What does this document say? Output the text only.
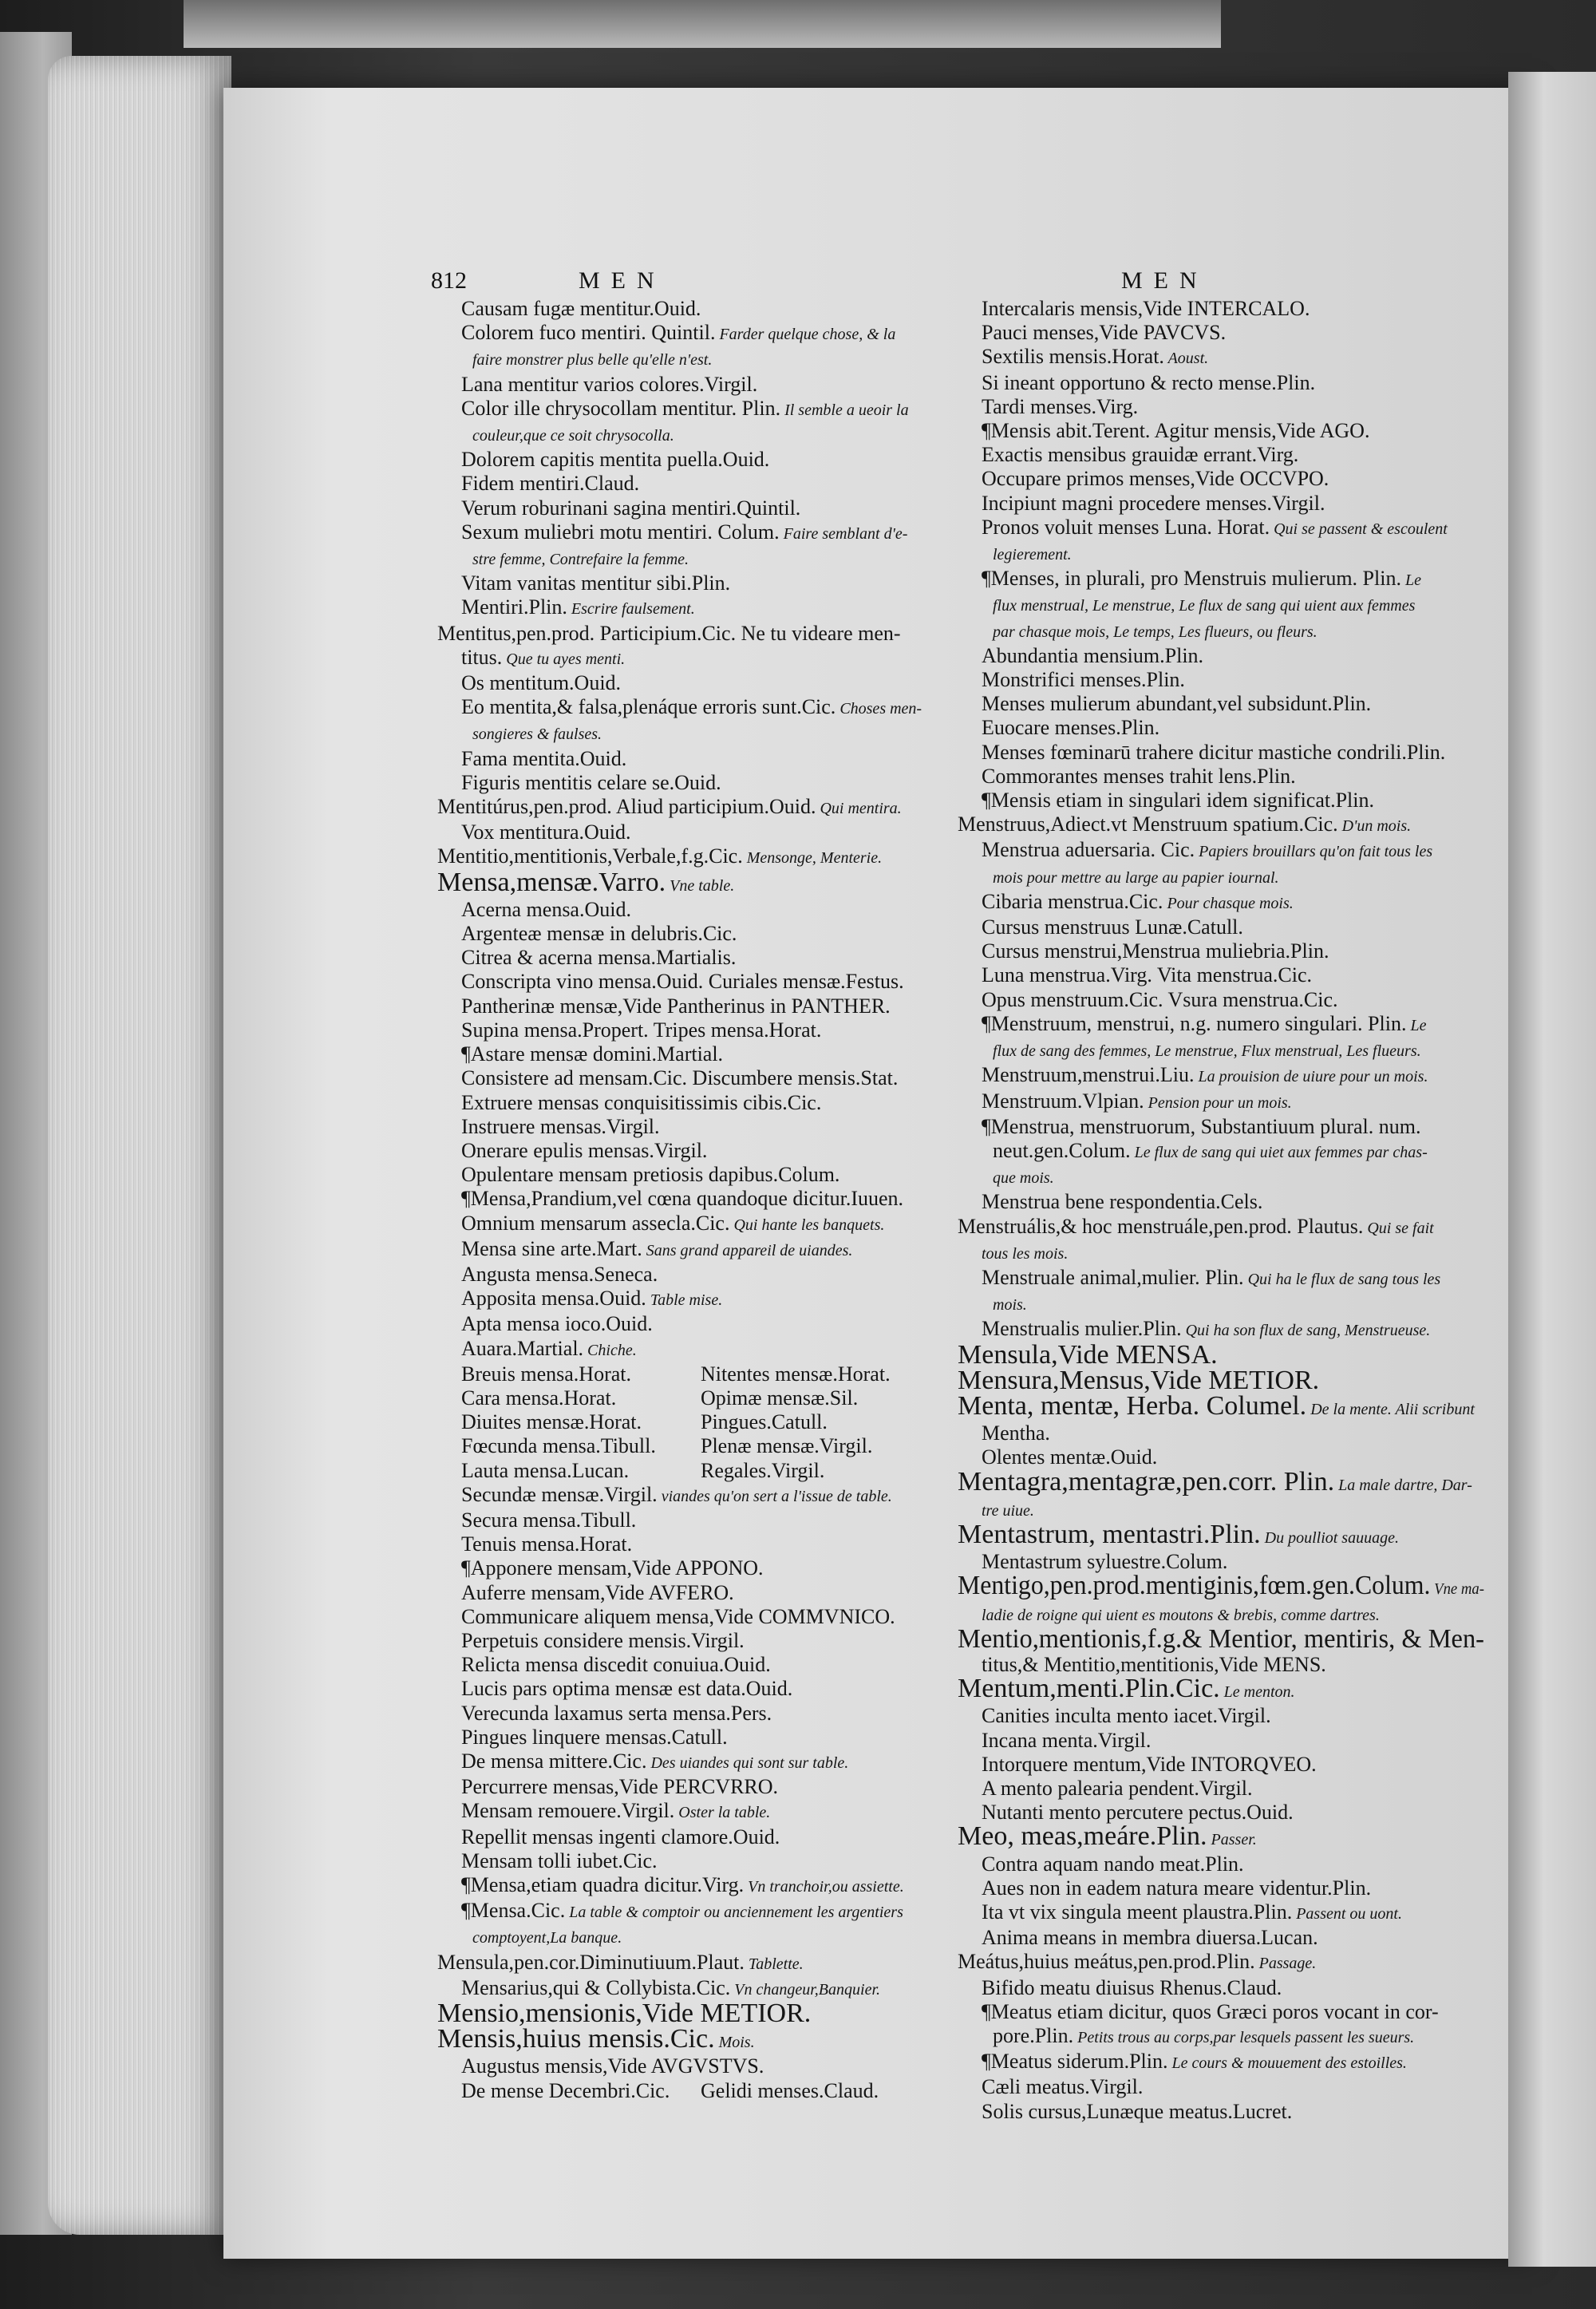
812	MEN	MEN
Causam fugæ mentitur.Ouid.
Colorem fuco mentiri. Quintil. Farder quelque chose, & la
faire monstrer plus belle qu'elle n'est.
Lana mentitur varios colores.Virgil.
Color ille chrysocollam mentitur. Plin. Il semble a ueoir la
couleur,que ce soit chrysocolla.
Dolorem capitis mentita puella.Ouid.
Fidem mentiri.Claud.
Verum roburinani sagina mentiri.Quintil.
Sexum muliebri motu mentiri. Colum. Faire semblant d'e-
stre femme, Contrefaire la femme.
Vitam vanitas mentitur sibi.Plin.
Mentiri.Plin. Escrire faulsement.
Mentitus,pen.prod. Participium.Cic. Ne tu videare men-
titus. Que tu ayes menti.
Os mentitum.Ouid.
Eo mentita,& falsa,plenáque erroris sunt.Cic. Choses men-
songieres & faulses.
Fama mentita.Ouid.
Figuris mentitis celare se.Ouid.
Mentitúrus,pen.prod. Aliud participium.Ouid. Qui mentira.
Vox mentitura.Ouid.
Mentitio,mentitionis,Verbale,f.g.Cic. Mensonge, Menterie.
Mensa,mensæ.Varro. Vne table.
Acerna mensa.Ouid.
Argenteæ mensæ in delubris.Cic.
Citrea & acerna mensa.Martialis.
Conscripta vino mensa.Ouid. Curiales mensæ.Festus.
Pantherinæ mensæ,Vide Pantherinus in PANTHER.
Supina mensa.Propert. Tripes mensa.Horat.
¶Astare mensæ domini.Martial.
Consistere ad mensam.Cic. Discumbere mensis.Stat.
Extruere mensas conquisitissimis cibis.Cic.
Instruere mensas.Virgil.
Onerare epulis mensas.Virgil.
Opulentare mensam pretiosis dapibus.Colum.
¶Mensa,Prandium,vel cœna quandoque dicitur.Iuuen.
Omnium mensarum assecla.Cic. Qui hante les banquets.
Mensa sine arte.Mart. Sans grand appareil de uiandes.
Angusta mensa.Seneca.
Apposita mensa.Ouid. Table mise.
Apta mensa ioco.Ouid.
Auara.Martial. Chiche.
Breuis mensa.Horat.	Nitentes mensæ.Horat.
Cara mensa.Horat.	Opimæ mensæ.Sil.
Diuites mensæ.Horat.	Pingues.Catull.
Fœcunda mensa.Tibull. Plenæ mensæ.Virgil.
Lauta mensa.Lucan.	Regales.Virgil.
Secundæ mensæ.Virgil. viandes qu'on sert a l'issue de table.
Secura mensa.Tibull.
Tenuis mensa.Horat.
¶Apponere mensam,Vide APPONO.
Auferre mensam,Vide AVFERO.
Communicare aliquem mensa,Vide COMMVNICO.
Perpetuis considere mensis.Virgil.
Relicta mensa discedit conuiua.Ouid.
Lucis pars optima mensæ est data.Ouid.
Verecunda laxamus serta mensa.Pers.
Pingues linquere mensas.Catull.
De mensa mittere.Cic. Des uiandes qui sont sur table.
Percurrere mensas,Vide PERCVRRO.
Mensam remouere.Virgil. Oster la table.
Repellit mensas ingenti clamore.Ouid.
Mensam tolli iubet.Cic.
¶Mensa,etiam quadra dicitur.Virg. Vn tranchoir,ou assiette.
¶Mensa.Cic. La table & comptoir ou anciennement les argentiers
comptoyent,La banque.
Mensula,pen.cor.Diminutiuum.Plaut. Tablette.
Mensarius,qui & Collybista.Cic. Vn changeur,Banquier.
Mensio,mensionis,Vide METIOR.
Mensis,huius mensis.Cic. Mois.
Augustus mensis,Vide AVGVSTVS.
De mense Decembri.Cic. Gelidi menses.Claud.
Intercalaris mensis,Vide INTERCALO.
Pauci menses,Vide PAVCVS.
Sextilis mensis.Horat. Aoust.
Si ineant opportuno & recto mense.Plin.
Tardi menses.Virg.
¶Mensis abit.Terent. Agitur mensis,Vide AGO.
Exactis mensibus grauidæ errant.Virg.
Occupare primos menses,Vide OCCVPO.
Incipiunt magni procedere menses.Virgil.
Pronos voluit menses Luna. Horat. Qui se passent & escoulent
legierement.
¶Menses, in plurali, pro Menstruis mulierum. Plin. Le
flux menstrual, Le menstrue, Le flux de sang qui uient aux femmes
par chasque mois, Le temps, Les flueurs, ou fleurs.
Abundantia mensium.Plin.
Monstrifici menses.Plin.
Menses mulierum abundant,vel subsidunt.Plin.
Euocare menses.Plin.
Menses fœminarū trahere dicitur mastiche condrili.Plin.
Commorantes menses trahit lens.Plin.
¶Mensis etiam in singulari idem significat.Plin.
Menstruus,Adiect.vt Menstruum spatium.Cic. D'un mois.
Menstrua aduersaria. Cic. Papiers brouillars qu'on fait tous les
mois pour mettre au large au papier iournal.
Cibaria menstrua.Cic. Pour chasque mois.
Cursus menstruus Lunæ.Catull.
Cursus menstrui,Menstrua muliebria.Plin.
Luna menstrua.Virg. Vita menstrua.Cic.
Opus menstruum.Cic. Vsura menstrua.Cic.
¶Menstruum, menstrui, n.g. numero singulari. Plin. Le
flux de sang des femmes, Le menstrue, Flux menstrual, Les flueurs.
Menstruum,menstrui.Liu. La prouision de uiure pour un mois.
Menstruum.Vlpian. Pension pour un mois.
¶Menstrua, menstruorum, Substantiuum plural. num.
neut.gen.Colum. Le flux de sang qui uiet aux femmes par chas-
que mois.
Menstrua bene respondentia.Cels.
Menstruális,& hoc menstruále,pen.prod. Plautus. Qui se fait
tous les mois.
Menstruale animal,mulier. Plin. Qui ha le flux de sang tous les
mois.
Menstrualis mulier.Plin. Qui ha son flux de sang, Menstrueuse.
Mensula,Vide MENSA.
Mensura,Mensus,Vide METIOR.
Menta, mentæ, Herba. Columel. De la mente. Alii scribunt
Mentha.
Olentes mentæ.Ouid.
Mentagra,mentagræ,pen.corr. Plin. La male dartre, Dar-
tre uiue.
Mentastrum, mentastri.Plin. Du poulliot sauuage.
Mentastrum syluestre.Colum.
Mentigo,pen.prod.mentiginis,fœm.gen.Colum. Vne ma-
ladie de roigne qui uient es moutons & brebis, comme dartres.
Mentio,mentionis,f.g.& Mentior, mentiris, & Men-
titus,& Mentitio,mentitionis,Vide MENS.
Mentum,menti.Plin.Cic. Le menton.
Canities inculta mento iacet.Virgil.
Incana menta.Virgil.
Intorquere mentum,Vide INTORQVEO.
A mento palearia pendent.Virgil.
Nutanti mento percutere pectus.Ouid.
Meo, meas,meáre.Plin. Passer.
Contra aquam nando meat.Plin.
Aues non in eadem natura meare videntur.Plin.
Ita vt vix singula meent plaustra.Plin. Passent ou uont.
Anima means in membra diuersa.Lucan.
Meátus,huius meátus,pen.prod.Plin. Passage.
Bifido meatu diuisus Rhenus.Claud.
¶Meatus etiam dicitur, quos Græci poros vocant in cor-
pore.Plin. Petits trous au corps,par lesquels passent les sueurs.
¶Meatus siderum.Plin. Le cours & mouuement des estoilles.
Cæli meatus.Virgil.
Solis cursus,Lunæque meatus.Lucret.
